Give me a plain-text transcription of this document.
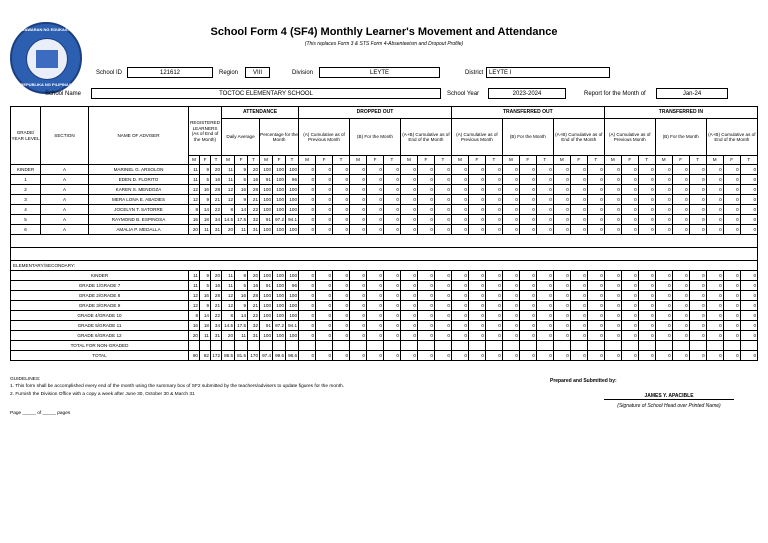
KAGAWARAN NG EDUKASYON
REPUBLIKA NG PILIPINAS
School Form 4 (SF4) Monthly Learner's Movement and Attendance
(This replaces Form 3 & STS Form 4-Absenteeism and Dropout Profile)
School ID	121612	Region	VIII	Division	LEYTE	District LEYTE I
School Name	TOCTOC ELEMENTARY SCHOOL	School Year	2023-2024	Report for the Month of	Jan-24
GRADE/ YEAR LEVEL	SECTION	NAME OF ADVISER	REGISTERED LEARNERS (As of End of the Month)			ATTENDANCE						DROPPED OUT									TRANSFERRED OUT									TRANSFERRED IN								
						Daily Average			Percentage for the Month			(A) Cumulative as of Previous Month			(B) For the Month			(A+B) Cumulative as of End of the Month			(A) Cumulative as of Previous Month			(B) For the Month			(A+B) Cumulative as of End of the Month			(A) Cumulative as of Previous Month			(B) For the Month			(A+B) Cumulative as of End of the Month		
			M	F	T	M	F	T	M	F	T	M	F	T	M	F	T	M	F	T	M	F	T	M	F	T	M	F	T	M	F	T	M	F	T	M	F	T
KINDER	A	MARINEL G. ARSOLON	11	9	20	11	9	20	100	100	100	0	0	0	0	0	0	0	0	0	0	0	0	0	0	0	0	0	0	0	0	0	0	0	0	0	0	0
1	A	EDEN D. FLORITO	11	5	16	11	5	16	91	100	96	0	0	0	0	0	0	0	0	0	0	0	0	0	0	0	0	0	0	0	0	0	0	0	0	0	0	0
2	A	KAREN S. MENDOZA	12	16	28	12	16	28	100	100	100	0	0	0	0	0	0	0	0	0	0	0	0	0	0	0	0	0	0	0	0	0	0	0	0	0	0	0
3	A	MERA LONA E. ABADIES	12	9	21	12	9	21	100	100	100	0	0	0	0	0	0	0	0	0	0	0	0	0	0	0	0	0	0	0	0	0	0	0	0	0	0	0
4	A	JOCELYN T. SATORRE	8	14	22	8	14	22	100	100	100	0	0	0	0	0	0	0	0	0	0	0	0	0	0	0	0	0	0	0	0	0	0	0	0	0	0	0
5	A	RAYMOND B. ESPINOSA	16	18	34	14.5	17.5	32	91	97.2	94.1	0	0	0	0	0	0	0	0	0	0	0	0	0	0	0	0	0	0	0	0	0	0	0	0	0	0	0
6	A	AMALIA P. MEDALLA	20	11	31	20	11	31	100	100	100	0	0	0	0	0	0	0	0	0	0	0	0	0	0	0	0	0	0	0	0	0	0	0	0	0	0	0

ELEMENTARY/SECONDARY:																																						
KINDER			11	9	20	11	9	20	100	100	100	0	0	0	0	0	0	0	0	0	0	0	0	0	0	0	0	0	0	0	0	0	0	0	0	0	0	0
GRADE 1/GRADE 7			11	5	16	11	5	16	91	100	96	0	0	0	0	0	0	0	0	0	0	0	0	0	0	0	0	0	0	0	0	0	0	0	0	0	0	0
GRADE 2/GRADE 8			12	16	28	12	16	28	100	100	100	0	0	0	0	0	0	0	0	0	0	0	0	0	0	0	0	0	0	0	0	0	0	0	0	0	0	0
GRADE 3/GRADE 9			12	9	21	12	9	21	100	100	100	0	0	0	0	0	0	0	0	0	0	0	0	0	0	0	0	0	0	0	0	0	0	0	0	0	0	0
GRADE 4/GRADE 10			8	14	22	8	14	22	100	100	100	0	0	0	0	0	0	0	0	0	0	0	0	0	0	0	0	0	0	0	0	0	0	0	0	0	0	0
GRADE 5/GRADE 11			16	18	34	14.5	17.5	32	91	97.2	94.1	0	0	0	0	0	0	0	0	0	0	0	0	0	0	0	0	0	0	0	0	0	0	0	0	0	0	0
GRADE 6/GRADE 12			20	11	31	20	11	31	100	100	100	0	0	0	0	0	0	0	0	0	0	0	0	0	0	0	0	0	0	0	0	0	0	0	0	0	0	0
TOTAL FOR NON-GRADED																																						
TOTAL			90	82	172	88.5	81.5	170	97.4	99.6	98.6	0	0	0	0	0	0	0	0	0	0	0	0	0	0	0	0	0	0	0	0	0	0	0	0	0	0	0
GUIDELINES:
1. This form shall be accomplished every end of the month using the summary box of SF2 submitted by the teachers/advisers to update figures for the month.
2. Furnish the Division Office with a copy a week after June 30, October 30 & March 31
Page _____ of _____ pages
Prepared and Submitted by:
JAMES Y. APACIBLE
(Signature of School Head over Printed Name)
